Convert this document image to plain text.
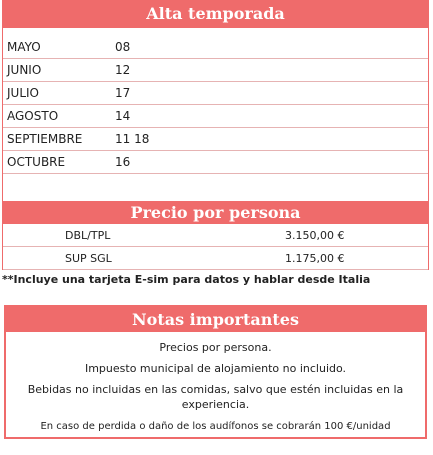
Alta temporada
MAYO	08
JUNIO	12
JULIO	17
AGOSTO	14
SEPTIEMBRE	11 18
OCTUBRE	16
Precio por persona
DBL/TPL	3.150,00 €
SUP SGL	1.175,00 €
**Incluye una tarjeta E-sim para datos y hablar desde Italia
Notas importantes
Precios por persona.
Impuesto municipal de alojamiento no incluido.
Bebidas no incluidas en las comidas, salvo que estén incluidas en la experiencia.
En caso de perdida o daño de los audífonos se cobrarán 100 €/unidad
